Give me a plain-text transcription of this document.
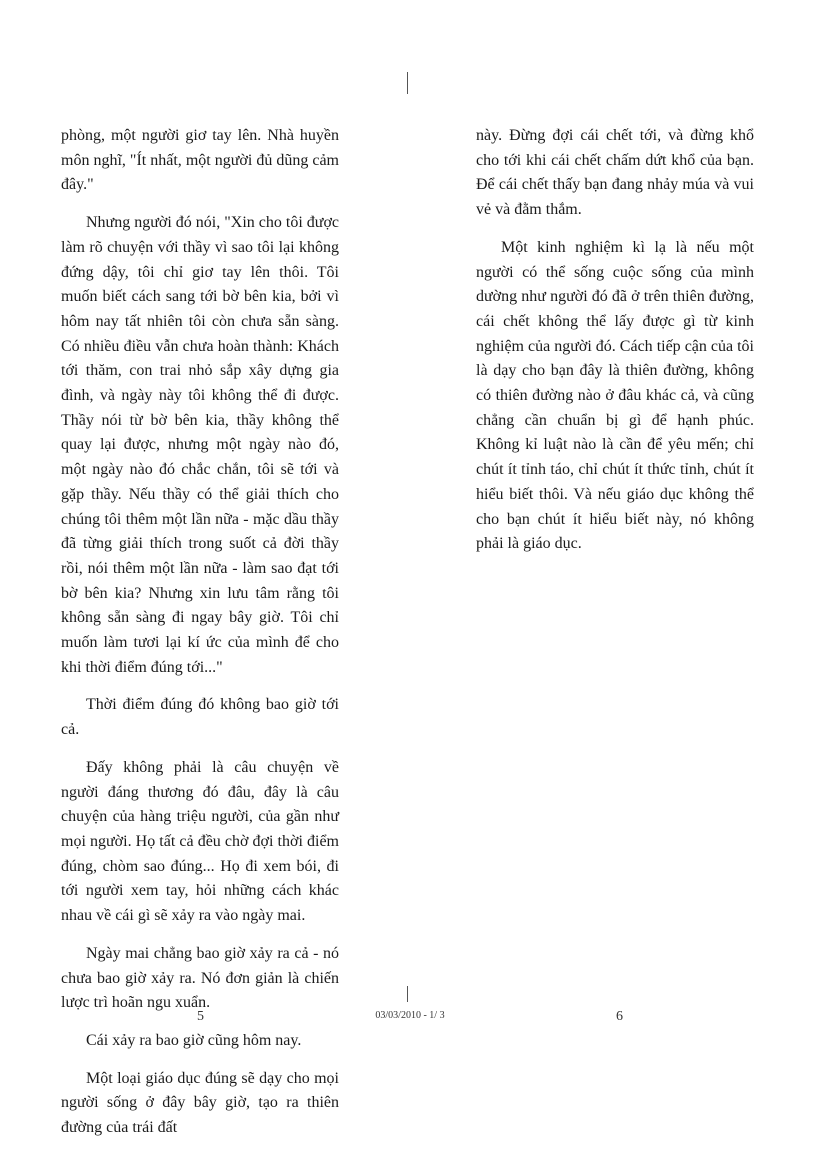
phòng, một người giơ tay lên. Nhà huyền môn nghĩ, "Ít nhất, một người đủ dũng cảm đây."

Nhưng người đó nói, "Xin cho tôi được làm rõ chuyện với thầy vì sao tôi lại không đứng dậy, tôi chỉ giơ tay lên thôi. Tôi muốn biết cách sang tới bờ bên kia, bởi vì hôm nay tất nhiên tôi còn chưa sẵn sàng. Có nhiều điều vẫn chưa hoàn thành: Khách tới thăm, con trai nhỏ sắp xây dựng gia đình, và ngày này tôi không thể đi được. Thầy nói từ bờ bên kia, thầy không thể quay lại được, nhưng một ngày nào đó, một ngày nào đó chắc chắn, tôi sẽ tới và gặp thầy. Nếu thầy có thể giải thích cho chúng tôi thêm một lần nữa - mặc dầu thầy đã từng giải thích trong suốt cả đời thầy rồi, nói thêm một lần nữa - làm sao đạt tới bờ bên kia? Nhưng xin lưu tâm rằng tôi không sẵn sàng đi ngay bây giờ. Tôi chỉ muốn làm tươi lại kí ức của mình để cho khi thời điểm đúng tới..."

Thời điểm đúng đó không bao giờ tới cả.

Đấy không phải là câu chuyện về người đáng thương đó đâu, đây là câu chuyện của hàng triệu người, của gần như mọi người. Họ tất cả đều chờ đợi thời điểm đúng, chòm sao đúng... Họ đi xem bói, đi tới người xem tay, hỏi những cách khác nhau về cái gì sẽ xảy ra vào ngày mai.

Ngày mai chẳng bao giờ xảy ra cả - nó chưa bao giờ xảy ra. Nó đơn giản là chiến lược trì hoãn ngu xuẩn.

Cái xảy ra bao giờ cũng hôm nay.

Một loại giáo dục đúng sẽ dạy cho mọi người sống ở đây bây giờ, tạo ra thiên đường của trái đất

này. Đừng đợi cái chết tới, và đừng khổ cho tới khi cái chết chấm dứt khổ của bạn. Để cái chết thấy bạn đang nhảy múa và vui vẻ và đằm thắm.

Một kinh nghiệm kì lạ là nếu một người có thể sống cuộc sống của mình dường như người đó đã ở trên thiên đường, cái chết không thể lấy được gì từ kinh nghiệm của người đó. Cách tiếp cận của tôi là dạy cho bạn đây là thiên đường, không có thiên đường nào ở đâu khác cả, và cũng chẳng cần chuẩn bị gì để hạnh phúc. Không kỉ luật nào là cần để yêu mến; chỉ chút ít tỉnh táo, chỉ chút ít thức tỉnh, chút ít hiểu biết thôi. Và nếu giáo dục không thể cho bạn chút ít hiểu biết này, nó không phải là giáo dục.

5	03/03/2010 - 1/ 3	6
